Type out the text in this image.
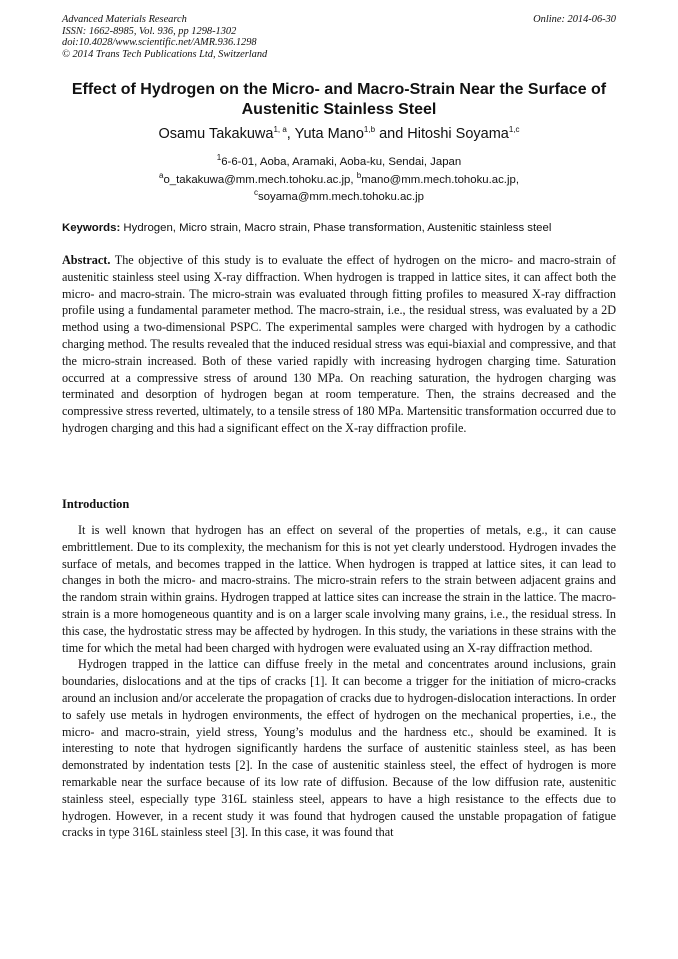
Advanced Materials Research
ISSN: 1662-8985, Vol. 936, pp 1298-1302
doi:10.4028/www.scientific.net/AMR.936.1298
© 2014 Trans Tech Publications Ltd, Switzerland
Online: 2014-06-30
Effect of Hydrogen on the Micro- and Macro-Strain Near the Surface of Austenitic Stainless Steel
Osamu Takakuwa$^{1, a}$, Yuta Mano$^{1,b}$ and Hitoshi Soyama$^{1,c}$
$^1$6-6-01, Aoba, Aramaki, Aoba-ku, Sendai, Japan
$^a$o_takakuwa@mm.mech.tohoku.ac.jp, $^b$mano@mm.mech.tohoku.ac.jp,
$^c$soyama@mm.mech.tohoku.ac.jp
Keywords: Hydrogen, Micro strain, Macro strain, Phase transformation, Austenitic stainless steel
Abstract. The objective of this study is to evaluate the effect of hydrogen on the micro- and macro-strain of austenitic stainless steel using X-ray diffraction. When hydrogen is trapped in lattice sites, it can affect both the micro- and macro-strain. The micro-strain was evaluated through fitting profiles to measured X-ray diffraction profile using a fundamental parameter method. The macro-strain, i.e., the residual stress, was evaluated by a 2D method using a two-dimensional PSPC. The experimental samples were charged with hydrogen by a cathodic charging method. The results revealed that the induced residual stress was equi-biaxial and compressive, and that the micro-strain increased. Both of these varied rapidly with increasing hydrogen charging time. Saturation occurred at a compressive stress of around 130 MPa. On reaching saturation, the hydrogen charging was terminated and desorption of hydrogen began at room temperature. Then, the strains decreased and the compressive stress reverted, ultimately, to a tensile stress of 180 MPa. Martensitic transformation occurred due to hydrogen charging and this had a significant effect on the X-ray diffraction profile.
Introduction

It is well known that hydrogen has an effect on several of the properties of metals, e.g., it can cause embrittlement. Due to its complexity, the mechanism for this is not yet clearly understood. Hydrogen invades the surface of metals, and becomes trapped in the lattice. When hydrogen is trapped at lattice sites, it can lead to changes in both the micro- and macro-strains. The micro-strain refers to the strain between adjacent grains and the random strain within grains. Hydrogen trapped at lattice sites can increase the strain in the lattice. The macro-strain is a more homogeneous quantity and is on a larger scale involving many grains, i.e., the residual stress. In this case, the hydrostatic stress may be affected by hydrogen. In this study, the variations in these strains with the time for which the metal had been charged with hydrogen were evaluated using an X-ray diffraction method.

Hydrogen trapped in the lattice can diffuse freely in the metal and concentrates around inclusions, grain boundaries, dislocations and at the tips of cracks [1]. It can become a trigger for the initiation of micro-cracks around an inclusion and/or accelerate the propagation of cracks due to hydrogen-dislocation interactions. In order to safely use metals in hydrogen environments, the effect of hydrogen on the mechanical properties, i.e., the micro- and macro-strain, yield stress, Young’s modulus and the hardness etc., should be examined. It is interesting to note that hydrogen significantly hardens the surface of austenitic stainless steel, as has been demonstrated by indentation tests [2]. In the case of austenitic stainless steel, the effect of hydrogen is more remarkable near the surface because of its low rate of diffusion. Because of the low diffusion rate, austenitic stainless steel, especially type 316L stainless steel, appears to have a high resistance to the effects due to hydrogen. However, in a recent study it was found that hydrogen caused the unstable propagation of fatigue cracks in type 316L stainless steel [3]. In this case, it was found that
